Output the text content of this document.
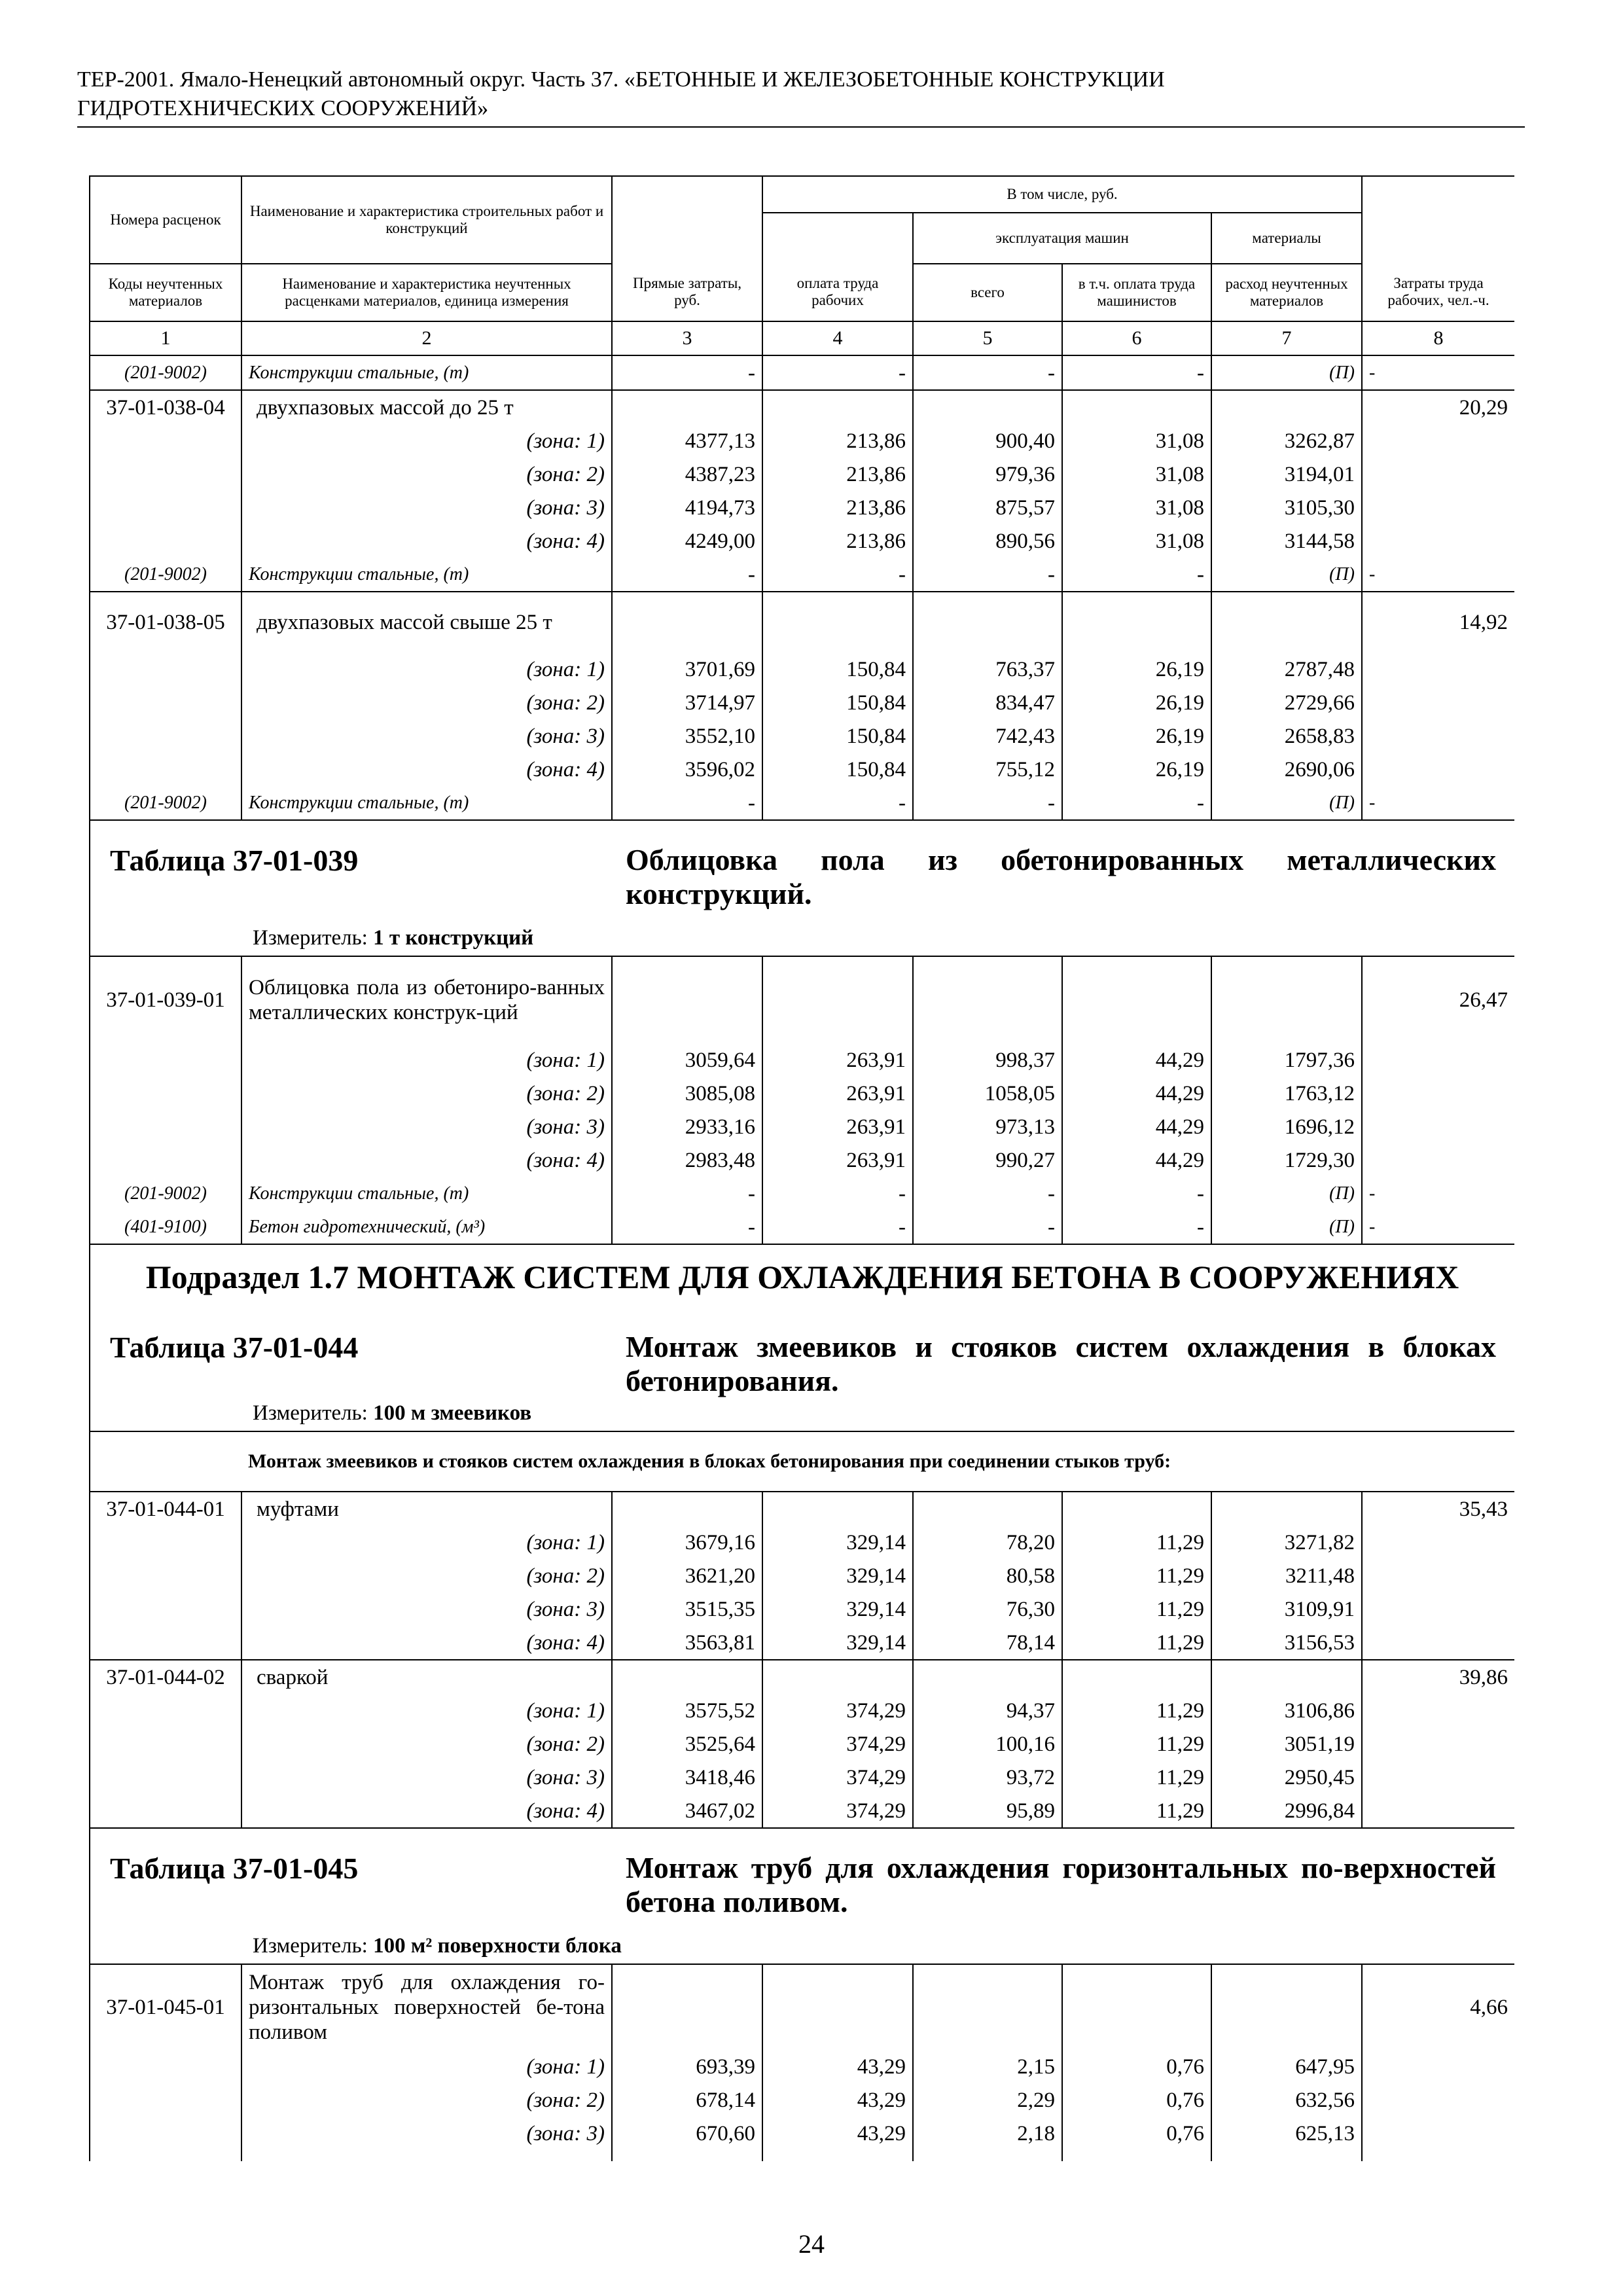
ТЕР-2001. Ямало-Ненецкий автономный округ. Часть 37. «БЕТОННЫЕ И ЖЕЛЕЗОБЕТОННЫЕ КОНСТРУКЦИИ
ГИДРОТЕХНИЧЕСКИХ СООРУЖЕНИЙ»
Номера расценок	Наименование и характеристика строительных работ и конструкций	Прямые затраты, руб.	В том числе, руб.				Затраты труда рабочих, чел.-ч.
			оплата труда рабочих	эксплуатация машин		материалы	
Коды неучтенных материалов	Наименование и характеристика неучтенных расценками материалов, единица измерения			всего	в т.ч. оплата труда машинистов	расход неучтенных материалов	
1	2	3	4	5	6	7	8
(201-9002)	Конструкции стальные, (т)	-	-	-	-	(П)	-
37-01-038-04	двухпазовых массой до 25 т						20,29
	(зона: 1)	4377,13	213,86	900,40	31,08	3262,87	
	(зона: 2)	4387,23	213,86	979,36	31,08	3194,01	
	(зона: 3)	4194,73	213,86	875,57	31,08	3105,30	
	(зона: 4)	4249,00	213,86	890,56	31,08	3144,58	
(201-9002)	Конструкции стальные, (т)	-	-	-	-	(П)	-
37-01-038-05	двухпазовых массой свыше 25 т						14,92
	(зона: 1)	3701,69	150,84	763,37	26,19	2787,48	
	(зона: 2)	3714,97	150,84	834,47	26,19	2729,66	
	(зона: 3)	3552,10	150,84	742,43	26,19	2658,83	
	(зона: 4)	3596,02	150,84	755,12	26,19	2690,06	
(201-9002)	Конструкции стальные, (т)	-	-	-	-	(П)	-

Таблица 37-01-039 Облицовка пола из обетонированных металлических конструкций.
Измеритель: 1 т конструкций							

37-01-039-01	Облицовка пола из обетониро-ванных металлических конструк-ций						26,47
	(зона: 1)	3059,64	263,91	998,37	44,29	1797,36	
	(зона: 2)	3085,08	263,91	1058,05	44,29	1763,12	
	(зона: 3)	2933,16	263,91	973,13	44,29	1696,12	
	(зона: 4)	2983,48	263,91	990,27	44,29	1729,30	
(201-9002)	Конструкции стальные, (т)	-	-	-	-	(П)	-
(401-9100)	Бетон гидротехнический, (м³)	-	-	-	-	(П)	-

Подраздел 1.7 МОНТАЖ СИСТЕМ ДЛЯ ОХЛАЖДЕНИЯ БЕТОНА В СООРУЖЕНИЯХ
Таблица 37-01-044 Монтаж змеевиков и стояков систем охлаждения в блоках бетонирования.
Измеритель: 100 м змеевиков							

	Монтаж змеевиков и стояков систем охлаждения в блоках бетонирования при соединении стыков труб:						
37-01-044-01	муфтами						35,43
	(зона: 1)	3679,16	329,14	78,20	11,29	3271,82	
	(зона: 2)	3621,20	329,14	80,58	11,29	3211,48	
	(зона: 3)	3515,35	329,14	76,30	11,29	3109,91	
	(зона: 4)	3563,81	329,14	78,14	11,29	3156,53	
37-01-044-02	сваркой						39,86
	(зона: 1)	3575,52	374,29	94,37	11,29	3106,86	
	(зона: 2)	3525,64	374,29	100,16	11,29	3051,19	
	(зона: 3)	3418,46	374,29	93,72	11,29	2950,45	
	(зона: 4)	3467,02	374,29	95,89	11,29	2996,84	

Таблица 37-01-045 Монтаж труб для охлаждения горизонтальных по-верхностей бетона поливом.
Измеритель: 100 м² поверхности блока							

37-01-045-01	Монтаж труб для охлаждения го-ризонтальных поверхностей бе-тона поливом						4,66
	(зона: 1)	693,39	43,29	2,15	0,76	647,95	
	(зона: 2)	678,14	43,29	2,29	0,76	632,56	
	(зона: 3)	670,60	43,29	2,18	0,76	625,13	

24
